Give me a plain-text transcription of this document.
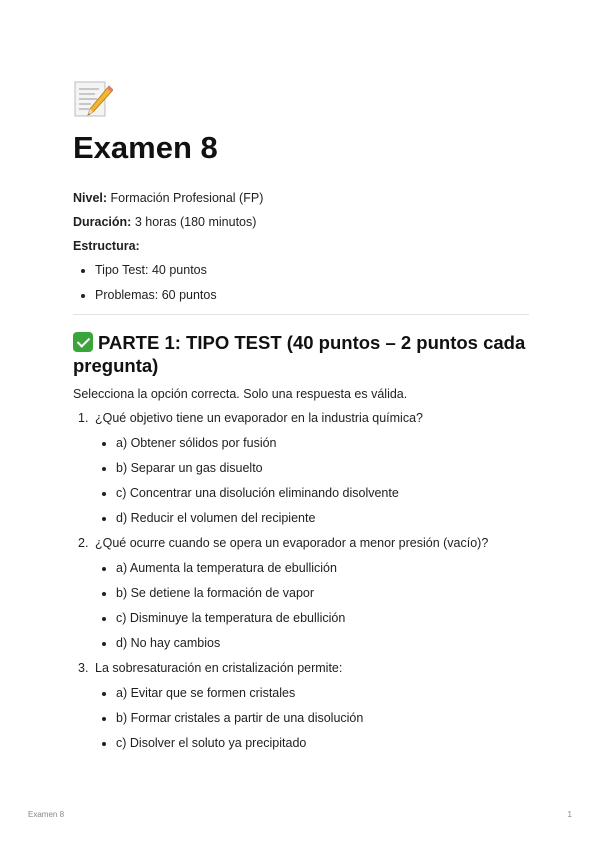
Examen 8
Nivel: Formación Profesional (FP)
Duración: 3 horas (180 minutos)
Estructura:
Tipo Test: 40 puntos
Problemas: 60 puntos
PARTE 1: TIPO TEST (40 puntos – 2 puntos cada pregunta)
Selecciona la opción correcta. Solo una respuesta es válida.
1. ¿Qué objetivo tiene un evaporador en la industria química?
a) Obtener sólidos por fusión
b) Separar un gas disuelto
c) Concentrar una disolución eliminando disolvente
d) Reducir el volumen del recipiente
2. ¿Qué ocurre cuando se opera un evaporador a menor presión (vacío)?
a) Aumenta la temperatura de ebullición
b) Se detiene la formación de vapor
c) Disminuye la temperatura de ebullición
d) No hay cambios
3. La sobresaturación en cristalización permite:
a) Evitar que se formen cristales
b) Formar cristales a partir de una disolución
c) Disolver el soluto ya precipitado
Examen 8	1
